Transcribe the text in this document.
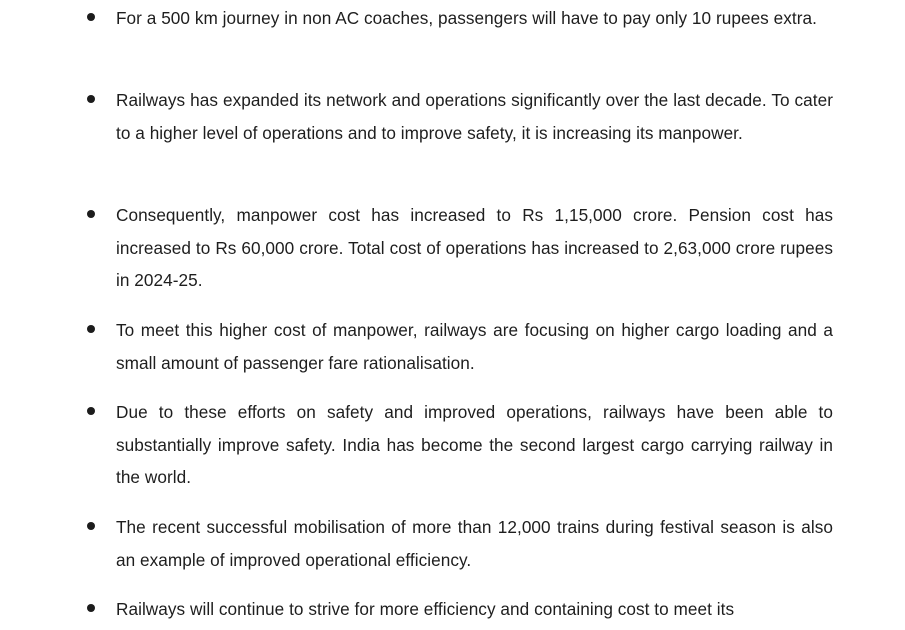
For a 500 km journey in non AC coaches, passengers will have to pay only 10 rupees extra.

Railways has expanded its network and operations significantly over the last decade. To cater to a higher level of operations and to improve safety, it is increasing its manpower.

Consequently, manpower cost has increased to Rs 1,15,000 crore. Pension cost has increased to Rs 60,000 crore. Total cost of operations has increased to 2,63,000 crore rupees in 2024-25.

To meet this higher cost of manpower, railways are focusing on higher cargo loading and a small amount of passenger fare rationalisation.

Due to these efforts on safety and improved operations, railways have been able to substantially improve safety. India has become the second largest cargo carrying railway in the world.

The recent successful mobilisation of more than 12,000 trains during festival season is also an example of improved operational efficiency.

Railways will continue to strive for more efficiency and containing cost to meet its
